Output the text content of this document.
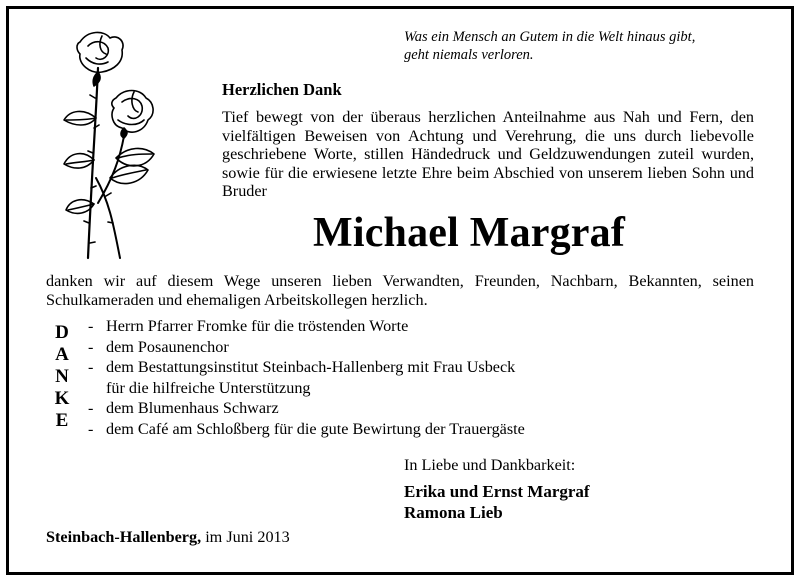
Was ein Mensch an Gutem in die Welt hinaus gibt,
geht niemals verloren.
Herzlichen Dank
Tief bewegt von der überaus herzlichen Anteilnahme aus Nah und Fern, den vielfältigen Beweisen von Achtung und Verehrung, die uns durch liebevolle geschriebene Worte, stillen Händedruck und Geldzuwendungen zuteil wurden, sowie für die erwiesene letzte Ehre beim Abschied von unserem lieben Sohn und Bruder
Michael Margraf
danken wir auf diesem Wege unseren lieben Verwandten, Freunden, Nachbarn, Bekannten, seinen Schulkameraden und ehemaligen Arbeitskollegen herzlich.
D
A
N
K
E
- Herrn Pfarrer Fromke für die tröstenden Worte
- dem Posaunenchor
- dem Bestattungsinstitut Steinbach-Hallenberg mit Frau Usbeck
für die hilfreiche Unterstützung
- dem Blumenhaus Schwarz
- dem Café am Schloßberg für die gute Bewirtung der Trauergäste
In Liebe und Dankbarkeit:
Erika und Ernst Margraf
Ramona Lieb
Steinbach-Hallenberg, im Juni 2013
